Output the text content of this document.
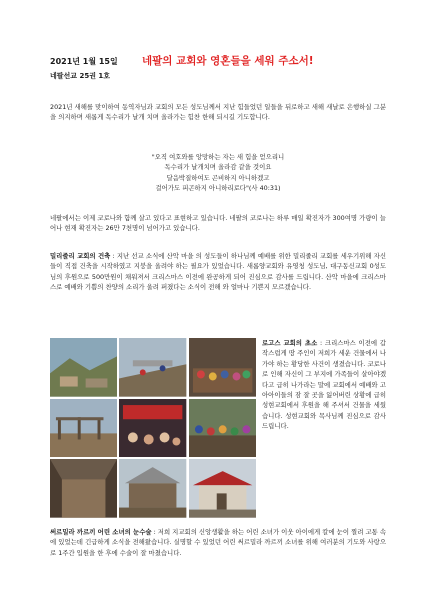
2021년 1월 15일
네팔선교 25권 1호
네팔의 교회와 영혼들을 세워 주소서!
2021년 새해를 맞이하여 동역자님과 교회의 모든 성도님께서 지난 힘들었던 일들을 뒤로하고 새해 새날로 은행하실 그분을 의지하며 새롭게 독수리가 날개 치며 올라가는 힘찬 한해 되시길 기도합니다.
"오직 여호와를 앙망하는 자는 새 힘을 얻으리니
독수리가 날개치며 올라감 같을 것이요
달음박질하여도 곤비하지 아니하겠고
걸어가도 피곤하지 아니하리로다"(사 40:31)
네팔에서는 이제 코로나와 함께 살고 있다고 표현하고 있습니다. 네팔의 코로나는 하루 매일 확진자가 300여명 가량이 늘어나 현재 확진자는 26만 7천명이 넘어가고 있습니다.
밀리줄리 교회의 건축 : 지난 선교 소식에 산악 마을 의 성도들이 하나님께 예배를 위한 밀리줄리 교회를 세우기위해 자신들이 직접 건축을 시작하였고 지붕을 올려야 하는 필요가 있었습니다. 새롬양교회와 유영청 성도님, 대구동신교회 0성도님의 후원으로 500만원이 채워져서 크리스마스 이전에 완공하게 되어 진심으로 감사를 드립니다. 산악 마을에 크리스마스로 예배와 기쁨의 찬양의 소리가 울려 퍼졌다는 소식이 전해 와 얼마나 기쁜지 모르겠습니다.
로고스 교회의 초소 : 크리스마스 이전에 갑작스럽게 땅 주인이 저희가 세운 건물에서 나가야 하는 황당한 사건이 생겼습니다. 코로나로 인해 자신이 그 부지에 가족들이 살아야겠다고 급히 나가라는 말에 교회에서 예배와 고아아이들의 잠 잘 곳을 잃어버린 상황에 급히 성현교회에서 후원을 해 주셔서 건물을 세웠습니다. 성현교회와 목사님께 진심으로 감사드립니다.
써르밀라 까르끼 어린 소녀의 눈수술 : 저희 지교회의 신앙생활을 하는 어린 소녀가 이웃 아이에게 칼에 눈이 찔려 고통 속에 있었는데 긴급하게 소식을 전해왔습니다. 실명할 수 있었던 어린 써르밀라 까르끼 소녀를 위해 여러분의 기도와 사랑으로 1주간 입원을 한 후에 수술이 잘 마쳤습니다.
